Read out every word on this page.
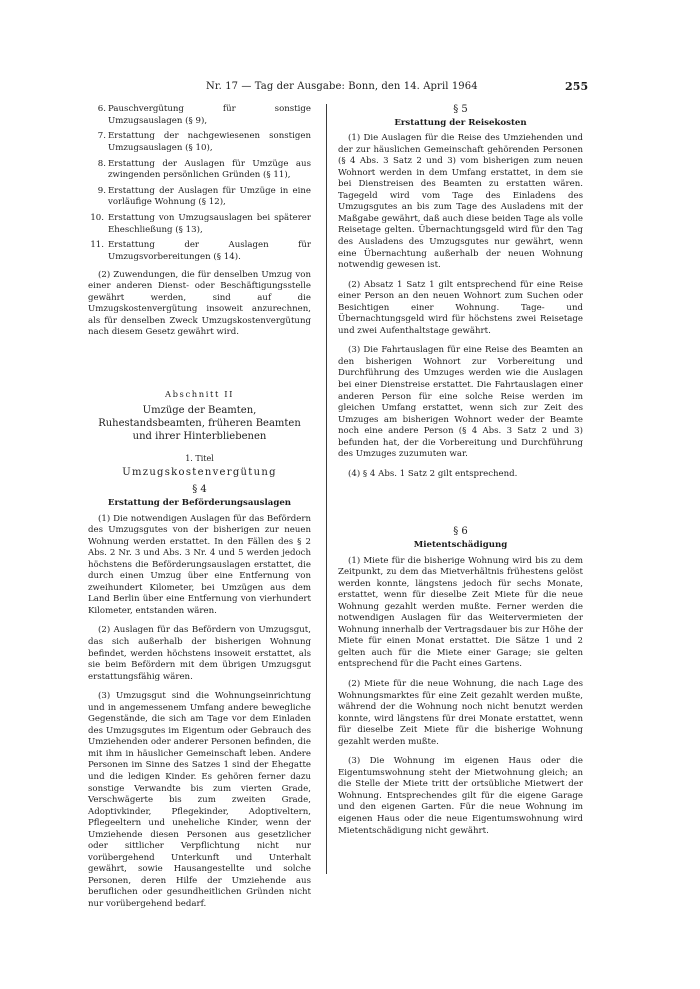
Nr. 17 — Tag der Ausgabe: Bonn, den 14. April 1964	255
6. Pauschvergütung für sonstige Umzugsauslagen (§ 9),
7. Erstattung der nachgewiesenen sonstigen Umzugsauslagen (§ 10),
8. Erstattung der Auslagen für Umzüge aus zwingenden persönlichen Gründen (§ 11),
9. Erstattung der Auslagen für Umzüge in eine vorläufige Wohnung (§ 12),
10. Erstattung von Umzugsauslagen bei späterer Eheschließung (§ 13),
11. Erstattung der Auslagen für Umzugsvorbereitungen (§ 14).

(2) Zuwendungen, die für denselben Umzug von einer anderen Dienst- oder Beschäftigungsstelle gewährt werden, sind auf die Umzugskostenvergütung insoweit anzurechnen, als für denselben Zweck Umzugskostenvergütung nach diesem Gesetz gewährt wird.

Abschnitt II

Umzüge der Beamten, Ruhestandsbeamten, früheren Beamten und ihrer Hinterbliebenen

1. Titel

Umzugskostenvergütung

§ 4

Erstattung der Beförderungsauslagen

(1) Die notwendigen Auslagen für das Befördern des Umzugsgutes von der bisherigen zur neuen Wohnung werden erstattet. In den Fällen des § 2 Abs. 2 Nr. 3 und Abs. 3 Nr. 4 und 5 werden jedoch höchstens die Beförderungsauslagen erstattet, die durch einen Umzug über eine Entfernung von zweihundert Kilometer, bei Umzügen aus dem Land Berlin über eine Entfernung von vierhundert Kilometer, entstanden wären.

(2) Auslagen für das Befördern von Umzugsgut, das sich außerhalb der bisherigen Wohnung befindet, werden höchstens insoweit erstattet, als sie beim Befördern mit dem übrigen Umzugsgut erstattungsfähig wären.

(3) Umzugsgut sind die Wohnungseinrichtung und in angemessenem Umfang andere bewegliche Gegenstände, die sich am Tage vor dem Einladen des Umzugsgutes im Eigentum oder Gebrauch des Umziehenden oder anderer Personen befinden, die mit ihm in häuslicher Gemeinschaft leben. Andere Personen im Sinne des Satzes 1 sind der Ehegatte und die ledigen Kinder. Es gehören ferner dazu sonstige Verwandte bis zum vierten Grade, Verschwägerte bis zum zweiten Grade, Adoptivkinder, Pflegekinder, Adoptiveltern, Pflegeeltern und uneheliche Kinder, wenn der Umziehende diesen Personen aus gesetzlicher oder sittlicher Verpflichtung nicht nur vorübergehend Unterkunft und Unterhalt gewährt, sowie Hausangestellte und solche Personen, deren Hilfe der Umziehende aus beruflichen oder gesundheitlichen Gründen nicht nur vorübergehend bedarf.

§ 5

Erstattung der Reisekosten

(1) Die Auslagen für die Reise des Umziehenden und der zur häuslichen Gemeinschaft gehörenden Personen (§ 4 Abs. 3 Satz 2 und 3) vom bisherigen zum neuen Wohnort werden in dem Umfang erstattet, in dem sie bei Dienstreisen des Beamten zu erstatten wären. Tagegeld wird vom Tage des Einladens des Umzugsgutes an bis zum Tage des Ausladens mit der Maßgabe gewährt, daß auch diese beiden Tage als volle Reisetage gelten. Übernachtungsgeld wird für den Tag des Ausladens des Umzugsgutes nur gewährt, wenn eine Übernachtung außerhalb der neuen Wohnung notwendig gewesen ist.

(2) Absatz 1 Satz 1 gilt entsprechend für eine Reise einer Person an den neuen Wohnort zum Suchen oder Besichtigen einer Wohnung. Tage- und Übernachtungsgeld wird für höchstens zwei Reisetage und zwei Aufenthaltstage gewährt.

(3) Die Fahrtauslagen für eine Reise des Beamten an den bisherigen Wohnort zur Vorbereitung und Durchführung des Umzuges werden wie die Auslagen bei einer Dienstreise erstattet. Die Fahrtauslagen einer anderen Person für eine solche Reise werden im gleichen Umfang erstattet, wenn sich zur Zeit des Umzuges am bisherigen Wohnort weder der Beamte noch eine andere Person (§ 4 Abs. 3 Satz 2 und 3) befunden hat, der die Vorbereitung und Durchführung des Umzuges zuzumuten war.

(4) § 4 Abs. 1 Satz 2 gilt entsprechend.

§ 6

Mietentschädigung

(1) Miete für die bisherige Wohnung wird bis zu dem Zeitpunkt, zu dem das Mietverhältnis frühestens gelöst werden konnte, längstens jedoch für sechs Monate, erstattet, wenn für dieselbe Zeit Miete für die neue Wohnung gezahlt werden mußte. Ferner werden die notwendigen Auslagen für das Weitervermieten der Wohnung innerhalb der Vertragsdauer bis zur Höhe der Miete für einen Monat erstattet. Die Sätze 1 und 2 gelten auch für die Miete einer Garage; sie gelten entsprechend für die Pacht eines Gartens.

(2) Miete für die neue Wohnung, die nach Lage des Wohnungsmarktes für eine Zeit gezahlt werden mußte, während der die Wohnung noch nicht benutzt werden konnte, wird längstens für drei Monate erstattet, wenn für dieselbe Zeit Miete für die bisherige Wohnung gezahlt werden mußte.

(3) Die Wohnung im eigenen Haus oder die Eigentumswohnung steht der Mietwohnung gleich; an die Stelle der Miete tritt der ortsübliche Mietwert der Wohnung. Entsprechendes gilt für die eigene Garage und den eigenen Garten. Für die neue Wohnung im eigenen Haus oder die neue Eigentumswohnung wird Mietentschädigung nicht gewährt.
